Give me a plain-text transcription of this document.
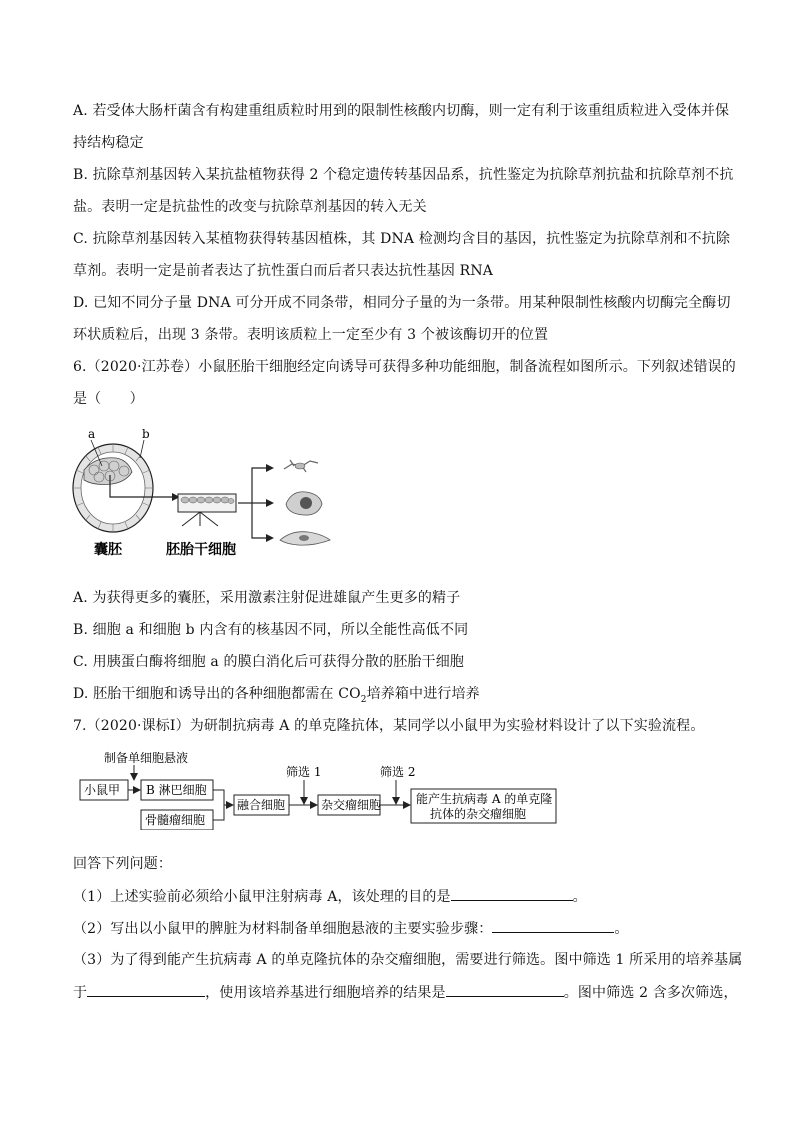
A. 若受体大肠杆菌含有构建重组质粒时用到的限制性核酸内切酶，则一定有利于该重组质粒进入受体并保
持结构稳定
B. 抗除草剂基因转入某抗盐植物获得 2 个稳定遗传转基因品系，抗性鉴定为抗除草剂抗盐和抗除草剂不抗
盐。表明一定是抗盐性的改变与抗除草剂基因的转入无关
C. 抗除草剂基因转入某植物获得转基因植株，其 DNA 检测均含目的基因，抗性鉴定为抗除草剂和不抗除
草剂。表明一定是前者表达了抗性蛋白而后者只表达抗性基因 RNA
D. 已知不同分子量 DNA 可分开成不同条带，相同分子量的为一条带。用某种限制性核酸内切酶完全酶切
环状质粒后，出现 3 条带。表明该质粒上一定至少有 3 个被该酶切开的位置
6.（2020·江苏卷）小鼠胚胎干细胞经定向诱导可获得多种功能细胞，制备流程如图所示。下列叙述错误的
是（　　）
a	b
囊胚	胚胎干细胞
A. 为获得更多的囊胚，采用激素注射促进雄鼠产生更多的精子
B. 细胞 a 和细胞 b 内含有的核基因不同，所以全能性高低不同
C. 用胰蛋白酶将细胞 a 的膜白消化后可获得分散的胚胎干细胞
D. 胚胎干细胞和诱导出的各种细胞都需在 $CO_2$培养箱中进行培养
7.（2020·课标Ⅰ）为研制抗病毒 A 的单克隆抗体，某同学以小鼠甲为实验材料设计了以下实验流程。
制备单细胞悬液
小鼠甲 B 淋巴细胞
骨髓瘤细胞
融合细胞
筛选 1
杂交瘤细胞
筛选 2
能产生抗病毒 A 的单克隆
抗体的杂交瘤细胞
回答下列问题：
（1）上述实验前必须给小鼠甲注射病毒 A，该处理的目的是	。
（2）写出以小鼠甲的脾脏为材料制备单细胞悬液的主要实验步骤：	。
（3）为了得到能产生抗病毒 A 的单克隆抗体的杂交瘤细胞，需要进行筛选。图中筛选 1 所采用的培养基属
于	，使用该培养基进行细胞培养的结果是	。图中筛选 2 含多次筛选，
